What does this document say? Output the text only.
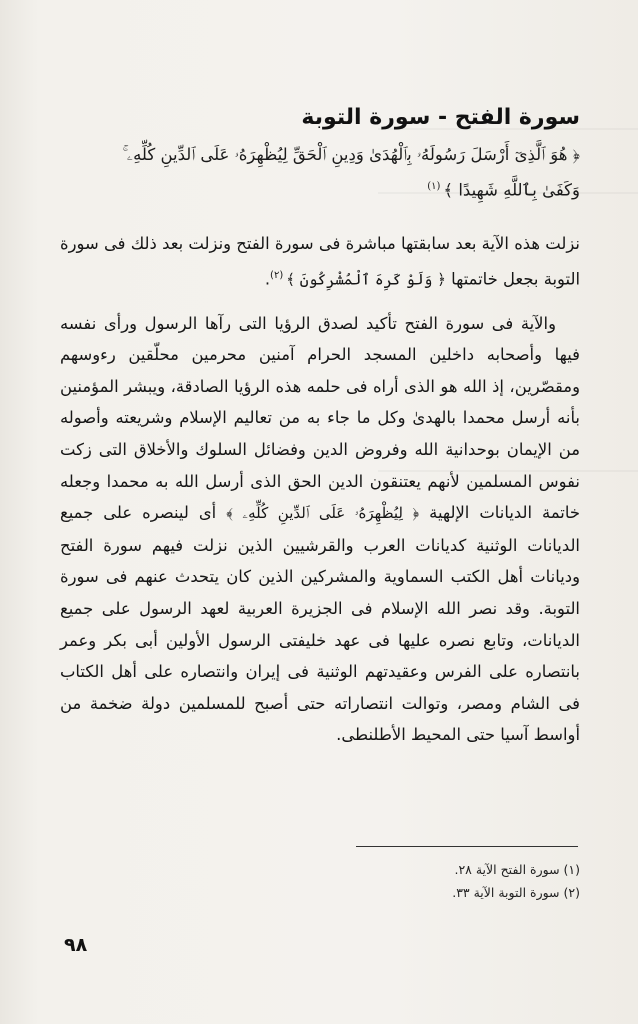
سورة الفتح - سورة التوبة
﴿ هُوَ ٱلَّذِىٓ أَرْسَلَ رَسُولَهُۥ بِٱلْهُدَىٰ وَدِينِ ٱلْحَقِّ لِيُظْهِرَهُۥ عَلَى ٱلدِّينِ كُلِّهِۦ ۚ
وَكَفَىٰ بِٱللَّهِ شَهِيدًا ﴾$^{(١)}$

نزلت هذه الآية بعد سابقتها مباشرة فى سورة الفتح ونزلت بعد ذلك فى سورة التوبة بجعل خاتمتها ﴿ وَلَوْ كَرِهَ ٱلْمُشْرِكُونَ ﴾$^{(٢)}$.

والآية فى سورة الفتح تأكيد لصدق الرؤيا التى رآها الرسول ورأى نفسه فيها وأصحابه داخلين المسجد الحرام آمنين محرمين محلّقين رءوسهم ومقصّرين، إذ الله هو الذى أراه فى حلمه هذه الرؤيا الصادقة، ويبشر المؤمنين بأنه أرسل محمدا بالهدىٰ وكل ما جاء به من تعاليم الإسلام وشريعته وأصوله من الإيمان بوحدانية الله وفروض الدين وفضائل السلوك والأخلاق التى زكت نفوس المسلمين لأنهم يعتنقون الدين الحق الذى أرسل الله به محمدا وجعله خاتمة الديانات الإلهية ﴿ لِيُظْهِرَهُۥ عَلَى ٱلدِّينِ كُلِّهِۦ ﴾ أى لينصره على جميع الديانات الوثنية كديانات العرب والقرشيين الذين نزلت فيهم سورة الفتح وديانات أهل الكتب السماوية والمشركين الذين كان يتحدث عنهم فى سورة التوبة. وقد نصر الله الإسلام فى الجزيرة العربية لعهد الرسول على جميع الديانات، وتابع نصره عليها فى عهد خليفتى الرسول الأولين أبى بكر وعمر بانتصاره على الفرس وعقيدتهم الوثنية فى إيران وانتصاره على أهل الكتاب فى الشام ومصر، وتوالت انتصاراته حتى أصبح للمسلمين دولة ضخمة من أواسط آسيا حتى المحيط الأطلنطى.

(١) سورة الفتح الآية ٢٨.
(٢) سورة التوبة الآية ٣٣.
٩٨
